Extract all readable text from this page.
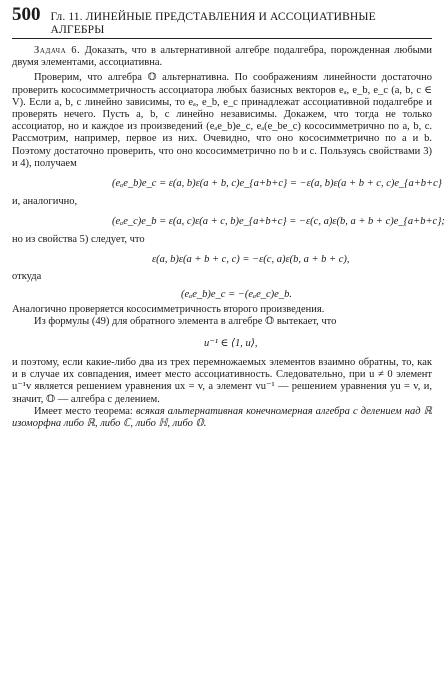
500 Гл. 11. ЛИНЕЙНЫЕ ПРЕДСТАВЛЕНИЯ И АССОЦИАТИВНЫЕ АЛГЕБРЫ

Задача 6. Доказать, что в альтернативной алгебре подалгебра, порожденная любыми двумя элементами, ассоциативна.

Проверим, что алгебра 𝕆 альтернативна. По соображениям линейности достаточно проверить кососимметричность ассоциатора любых базисных векторов eₐ, e_b, e_c (a, b, c ∈ V). Если a, b, c линейно зависимы, то eₐ, e_b, e_c принадлежат ассоциативной подалгебре и проверять нечего. Пусть a, b, c линейно независимы. Докажем, что тогда не только ассоциатор, но и каждое из произведений (eₐe_b)e_c, eₐ(e_be_c) кососимметрично по a, b, c. Рассмотрим, например, первое из них. Очевидно, что оно кососимметрично по a и b. Поэтому достаточно проверить, что оно кососимметрично по b и c. Пользуясь свойствами 3) и 4), получаем

(eₐe_b)e_c = ε(a, b)ε(a + b, c)e_{a+b+c} = −ε(a, b)ε(a + b + c, c)e_{a+b+c}

и, аналогично,

(eₐe_c)e_b = ε(a, c)ε(a + c, b)e_{a+b+c} = −ε(c, a)ε(b, a + b + c)e_{a+b+c};

но из свойства 5) следует, что

ε(a, b)ε(a + b + c, c) = −ε(c, a)ε(b, a + b + c),

откуда

(eₐe_b)e_c = −(eₐe_c)e_b.

Аналогично проверяется кососимметричность второго произведения.

Из формулы (49) для обратного элемента в алгебре 𝕆 вытекает, что

u⁻¹ ∈ ⟨1, u⟩,

и поэтому, если какие-либо два из трех перемножаемых элементов взаимно обратны, то, как и в случае их совпадения, имеет место ассоциативность. Следовательно, при u ≠ 0 элемент u⁻¹v является решением уравнения ux = v, а элемент vu⁻¹ — решением уравнения yu = v, и, значит, 𝕆 — алгебра с делением.

Имеет место теорема: всякая альтернативная конечномерная алгебра с делением над ℝ изоморфна либо ℝ, либо ℂ, либо ℍ, либо 𝕆.
